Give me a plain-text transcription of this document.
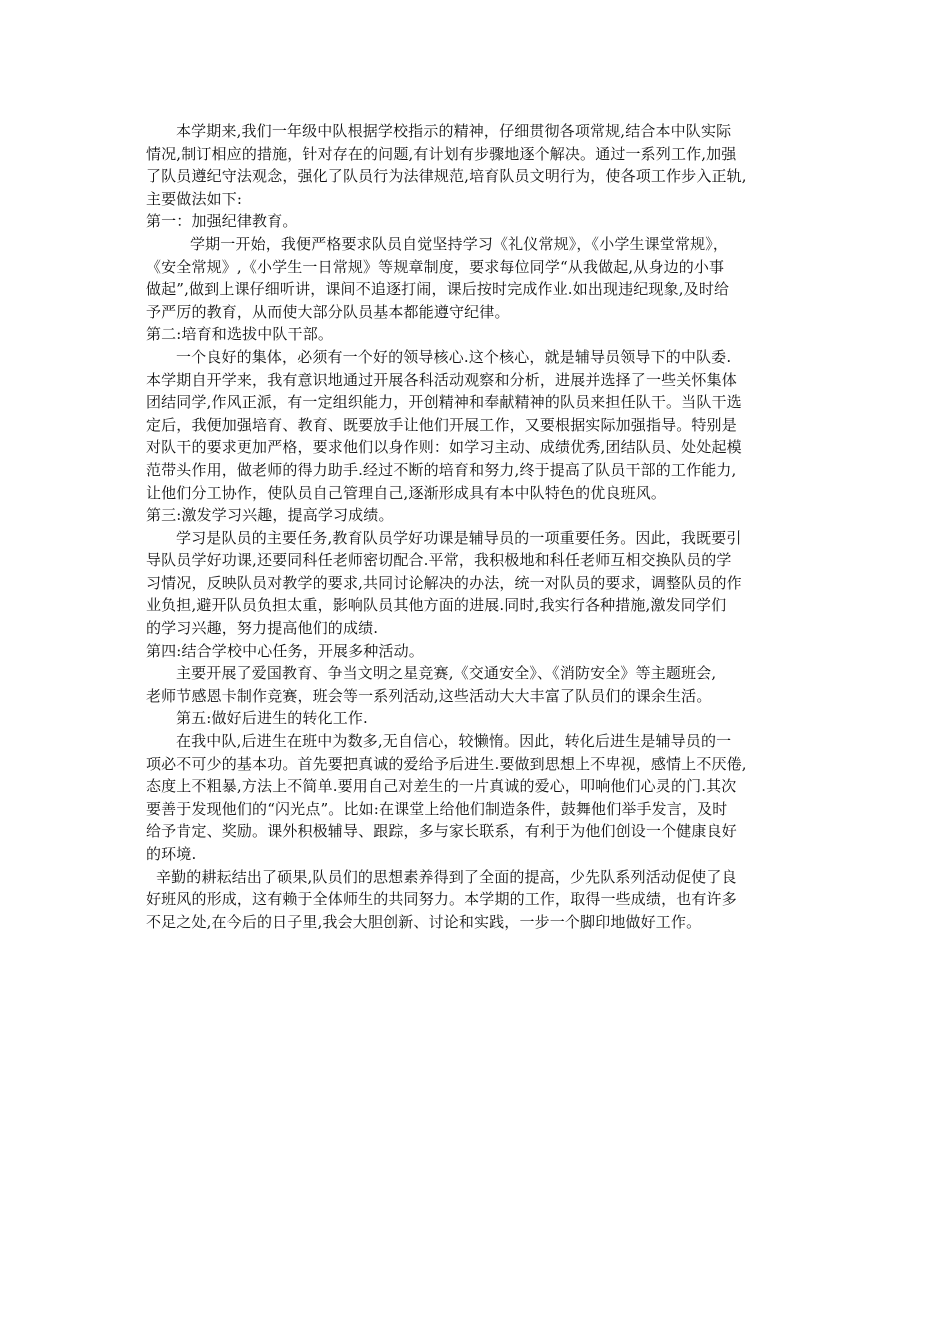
本学期来,我们一年级中队根据学校指示的精神，仔细贯彻各项常规,结合本中队实际
情况,制订相应的措施，针对存在的问题,有计划有步骤地逐个解决。通过一系列工作,加强
了队员遵纪守法观念，强化了队员行为法律规范,培育队员文明行为，使各项工作步入正轨,
主要做法如下:
第一：加强纪律教育。
学期一开始，我便严格要求队员自觉坚持学习《礼仪常规》，《小学生课堂常规》，
《安全常规》,《小学生一日常规》等规章制度，要求每位同学“从我做起,从身边的小事
做起”,做到上课仔细听讲，课间不追逐打闹，课后按时完成作业.如出现违纪现象,及时给
予严厉的教育，从而使大部分队员基本都能遵守纪律。
第二:培育和选拔中队干部。
一个良好的集体，必须有一个好的领导核心.这个核心，就是辅导员领导下的中队委.
本学期自开学来，我有意识地通过开展各科活动观察和分析，进展并选择了一些关怀集体
团结同学,作风正派，有一定组织能力，开创精神和奉献精神的队员来担任队干。当队干选
定后，我便加强培育、教育、既要放手让他们开展工作，又要根据实际加强指导。特别是
对队干的要求更加严格，要求他们以身作则：如学习主动、成绩优秀,团结队员、处处起模
范带头作用，做老师的得力助手.经过不断的培育和努力,终于提高了队员干部的工作能力,
让他们分工协作，使队员自己管理自己,逐渐形成具有本中队特色的优良班风。
第三:激发学习兴趣，提高学习成绩。
学习是队员的主要任务,教育队员学好功课是辅导员的一项重要任务。因此，我既要引
导队员学好功课,还要同科任老师密切配合.平常，我积极地和科任老师互相交换队员的学
习情况，反映队员对教学的要求,共同讨论解决的办法，统一对队员的要求，调整队员的作
业负担,避开队员负担太重，影响队员其他方面的进展.同时,我实行各种措施,激发同学们
的学习兴趣，努力提高他们的成绩.
第四:结合学校中心任务，开展多种活动。
主要开展了爱国教育、争当文明之星竞赛,《交通安全》、《消防安全》等主题班会,
老师节感恩卡制作竞赛，班会等一系列活动,这些活动大大丰富了队员们的课余生活。
第五:做好后进生的转化工作.
在我中队,后进生在班中为数多,无自信心，较懒惰。因此，转化后进生是辅导员的一
项必不可少的基本功。首先要把真诚的爱给予后进生.要做到思想上不卑视，感情上不厌倦,
态度上不粗暴,方法上不简单.要用自己对差生的一片真诚的爱心，叩响他们心灵的门.其次
要善于发现他们的“闪光点”。比如:在课堂上给他们制造条件，鼓舞他们举手发言，及时
给予肯定、奖励。课外积极辅导、跟踪，多与家长联系，有利于为他们创设一个健康良好
的环境.
辛勤的耕耘结出了硕果,队员们的思想素养得到了全面的提高，少先队系列活动促使了良
好班风的形成，这有赖于全体师生的共同努力。本学期的工作，取得一些成绩，也有许多
不足之处,在今后的日子里,我会大胆创新、讨论和实践，一步一个脚印地做好工作。
